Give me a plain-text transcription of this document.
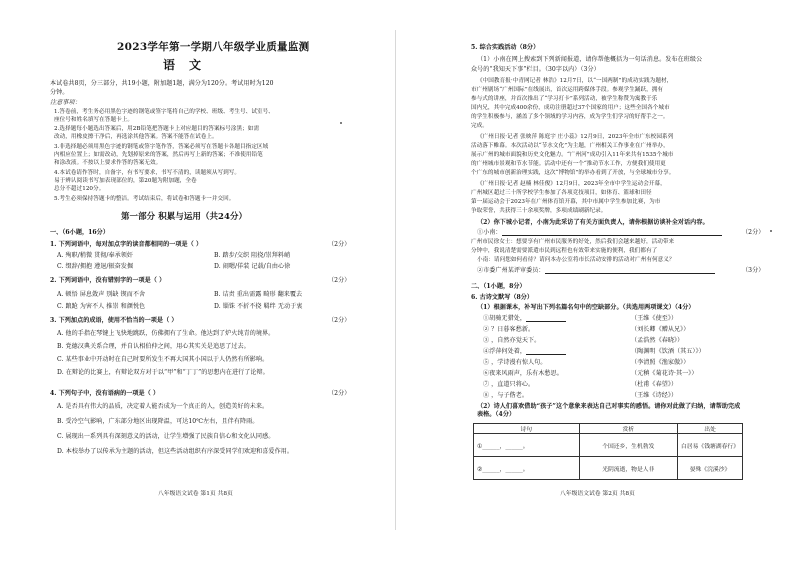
2023学年第一学期八年级学业质量监测
语文
本试卷共8页，分三部分，共19小题，附加题1题，满分为120分。考试用时为120
分钟。
注意事项：
1.答卷前，考生务必用黑色字迹的钢笔或签字笔将自己的学校、班级、考生号、试室号、
座位号和姓名填写在答题卡上。
2.选择题每小题选出答案后，用2B铅笔把答题卡上对应题目的答案标号涂黑；如需
改动，用橡皮擦干净后，再选涂其他答案。答案不能答在试卷上。
3.非选择题必须用黑色字迹的钢笔或签字笔作答，答案必须写在答题卡各题目指定区域
内相应位置上；如需改动，先划掉原来的答案，然后再写上新的答案；不准使用铅笔
和涂改液。不按以上要求作答的答案无效。
4.本试卷请作答时，自备字，有书写要求，书写不清的，读题须从写到写。
易于辨认阅读书写加表现部位的，第20题为附加题，全卷
总分不超过120分。
5.考生必须保持答题卡的整洁。考试结束后，将试卷和答题卡一并交回。
第一部分 积累与运用（共24分）
一、（6小题，16分）
1. 下列词语中，每对加点字的读音都相同的一项是（ ）	（2分）
A. 殉职/稍微 贯彻/奉承领奸	B. 踏步/交织 阻挠/崇拜料峭
C. 缀辞/拥抱 遵退/振奋发掘	D. 闹嗯/佯装 记载/自由心徐
2. 下列词语中，没有错别字的一项是（ ）	（2分）
A. 顿悟 屏息敛声 别缺 锲而不舍	B. 诘责 重出需露 畸形 翻来覆去
C. 踉跄 为害不人 推崇 和颜悦色	D. 锱铢 不折不挠 羁绊 无动于衷
3. 下列加点的成语，使用不恰当的一项是（ ）	（2分）
A. 他的手指在琴键上飞快地跳跃，仿佛拥有了生命。他达到了炉火纯青的境界。
B. 党德汉典关系合理，并自认相伯仲之间，用心其实关是追思了过去。
C. 某些事业中开动时在自己时要所发生不再大国其小国以于人仍然有所影响。
D. 在辩论的比赛上，有辩论双方对于以“甲”和“丁丁”的思想内在进行了论辩。
4. 下列句子中，没有语病的一项是（ ）	（2分）
A. 是否具有伟大的品质，决定着人能否成为一个真正的人，创造美好的未来。
B. 受冷空气影响，广东部分地区出现降温，可达10℃左右，且伴有降雨。
C. 展现出一系列具有深刻意义的活动，让学生增强了民族自信心和文化认同感。
D. 本校举办了以传承为主题的活动，但这些活动组织有序深受同学们欢迎和喜爱作用。
八年级语文试卷 第1页 共8页
5. 综合实践活动（8分）
（1）小南在网上搜索到下列新闻报道，请你帮他概括为一句话消息。发布在班级公
众号的“我知天下事”栏目。（30字以内）（3分）
《中国教育报·中青网记者 林浩》12月7日，以“一国两制”的成功实践为题材，
市广州剧场“广州国际”在线展出，首次运用跨媒体手段。参观学生踊跃，拥有
参与式的讲座，并首次推出了“学习打卡”系列活动，被学生称赞为寓教于乐
国内兄，其中完成400余份，成功注册超过37个国家的用户；这些全国各个城市
的学生积极参与，涵盖了多个领域的学习内容，成为学生们学习的好帮手之一。
完成。
《广州日报·记者 张映萍 陈庭宇 庄小蕊》12月9日，2023年全市广东校园系列
活动落下帷幕。本次活动以“节水文化”为主题，广州相关工作事业在广州举办，
展示广州的城市面貌和历史文化魅力。“广州河”成功引入11年来共有1535个城市
的广州城市景观和节水节能。活动中还有一个“推动节水工作，方便我们使用更
个广东的城市创新治理实践，这次“博物馆”的举办看到了开放，与全球城市分享。
《广州日报·记者 赵楠 林佳俊》12月9日，2023年全市中学生运动会开幕，
广州城区超过三十所学校学生参加了各项竞技项目，如体育、篮球和田径
第一届运动会于2023年在广州体育馆开幕，其中市属中学生参加比赛，为市
争取荣誉，共获得三十余项奖牌，多项成绩刷新纪录。
（2）你下城小记者，小南为此采访了有关方面负责人，请你根据访谈补全对话内容。
①小南：	（2分）
广州市民徐女士：想要享有广州市民服务的好处，然后我们会越来越好，活动带来
分钟中，我说清楚需要派遣市民到远程也有效带来实施的便利，我们都有了
小南：请问您如何看待？请问本办公室将市长活动安排的活动对广州有何意义？
②市委广州某评审委员：	（3分）
二、（1小题，8分）
6. 古诗文默写（8分）
（1）根据课本，补写出下列名篇名句中的空缺部分。（共选用两项课文）（4分）
①胡骑无猎处，	（王维《使至》）
② ？日暮客愁新。	（刘长卿《赠从兄》）
③ ，自然亦觉天下。	（孟浩然《春晓》）
④浮萍何处着，	（陶渊明《饮酒（其五）》）
⑤ ，学诗漫有惊人句。	（李清照《渔家傲》）
⑥夜来风雨声，乐有木愁思。	（元稹《菊花诗·其一》）
⑦ ，直道只将心。	（杜甫《春望》）
⑧ ，与子偕老。	（王维《诗经》）
（2）诗人们喜欢借助“孩子”这个意象来表达自己对事实的感悟。请你对此做了归纳，请帮助完成表格。（4分）
诗句	赏析	出处
①______，______。	个国还乡，生机勃发	白居易《钱塘湖春行》
②______，______。	光阴流逝，物是人非	晏殊《浣溪沙》
八年级语文试卷 第2页 共8页
